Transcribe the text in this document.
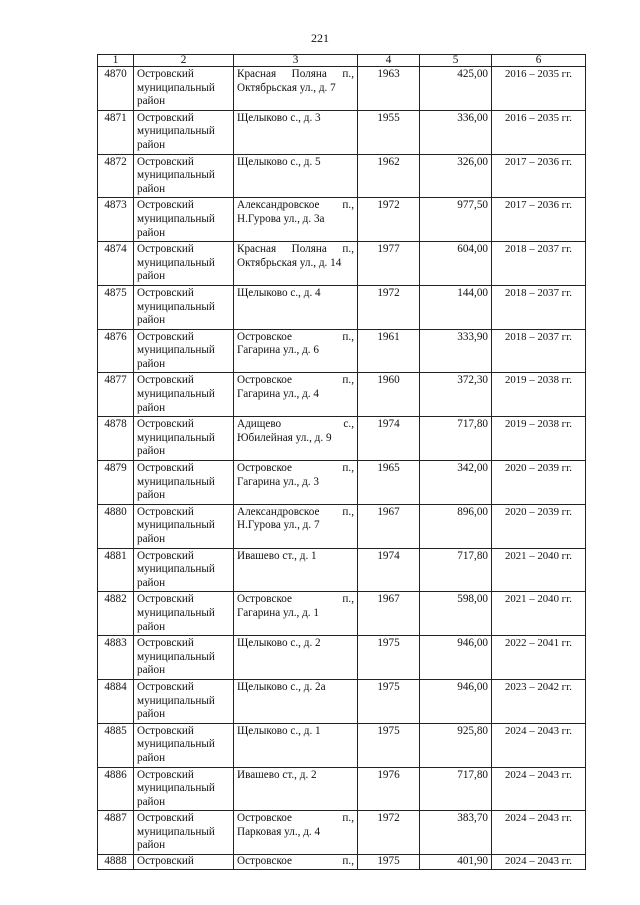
221
1	2	3	4	5	6
4870	Островский
муниципальный
район	Красная Поляна п.,
Октябрьская ул., д. 7	1963	425,00	2016 – 2035 гг.
4871	Островский
муниципальный
район	Щелыково с., д. 3	1955	336,00	2016 – 2035 гг.
4872	Островский
муниципальный
район	Щелыково с., д. 5	1962	326,00	2017 – 2036 гг.
4873	Островский
муниципальный
район	Александровское п.,
Н.Гурова ул., д. 3а	1972	977,50	2017 – 2036 гг.
4874	Островский
муниципальный
район	Красная Поляна п.,
Октябрьская ул., д. 14	1977	604,00	2018 – 2037 гг.
4875	Островский
муниципальный
район	Щелыково с., д. 4	1972	144,00	2018 – 2037 гг.
4876	Островский
муниципальный
район	Островское п.,
Гагарина ул., д. 6	1961	333,90	2018 – 2037 гг.
4877	Островский
муниципальный
район	Островское п.,
Гагарина ул., д. 4	1960	372,30	2019 – 2038 гг.
4878	Островский
муниципальный
район	Адищево с.,
Юбилейная ул., д. 9	1974	717,80	2019 – 2038 гг.
4879	Островский
муниципальный
район	Островское п.,
Гагарина ул., д. 3	1965	342,00	2020 – 2039 гг.
4880	Островский
муниципальный
район	Александровское п.,
Н.Гурова ул., д. 7	1967	896,00	2020 – 2039 гг.
4881	Островский
муниципальный
район	Ивашево ст., д. 1	1974	717,80	2021 – 2040 гг.
4882	Островский
муниципальный
район	Островское п.,
Гагарина ул., д. 1	1967	598,00	2021 – 2040 гг.
4883	Островский
муниципальный
район	Щелыково с., д. 2	1975	946,00	2022 – 2041 гг.
4884	Островский
муниципальный
район	Щелыково с., д. 2а	1975	946,00	2023 – 2042 гг.
4885	Островский
муниципальный
район	Щелыково с., д. 1	1975	925,80	2024 – 2043 гг.
4886	Островский
муниципальный
район	Ивашево ст., д. 2	1976	717,80	2024 – 2043 гг.
4887	Островский
муниципальный
район	Островское п.,
Парковая ул., д. 4	1972	383,70	2024 – 2043 гг.
4888	Островский	Островское п.,	1975	401,90	2024 – 2043 гг.
